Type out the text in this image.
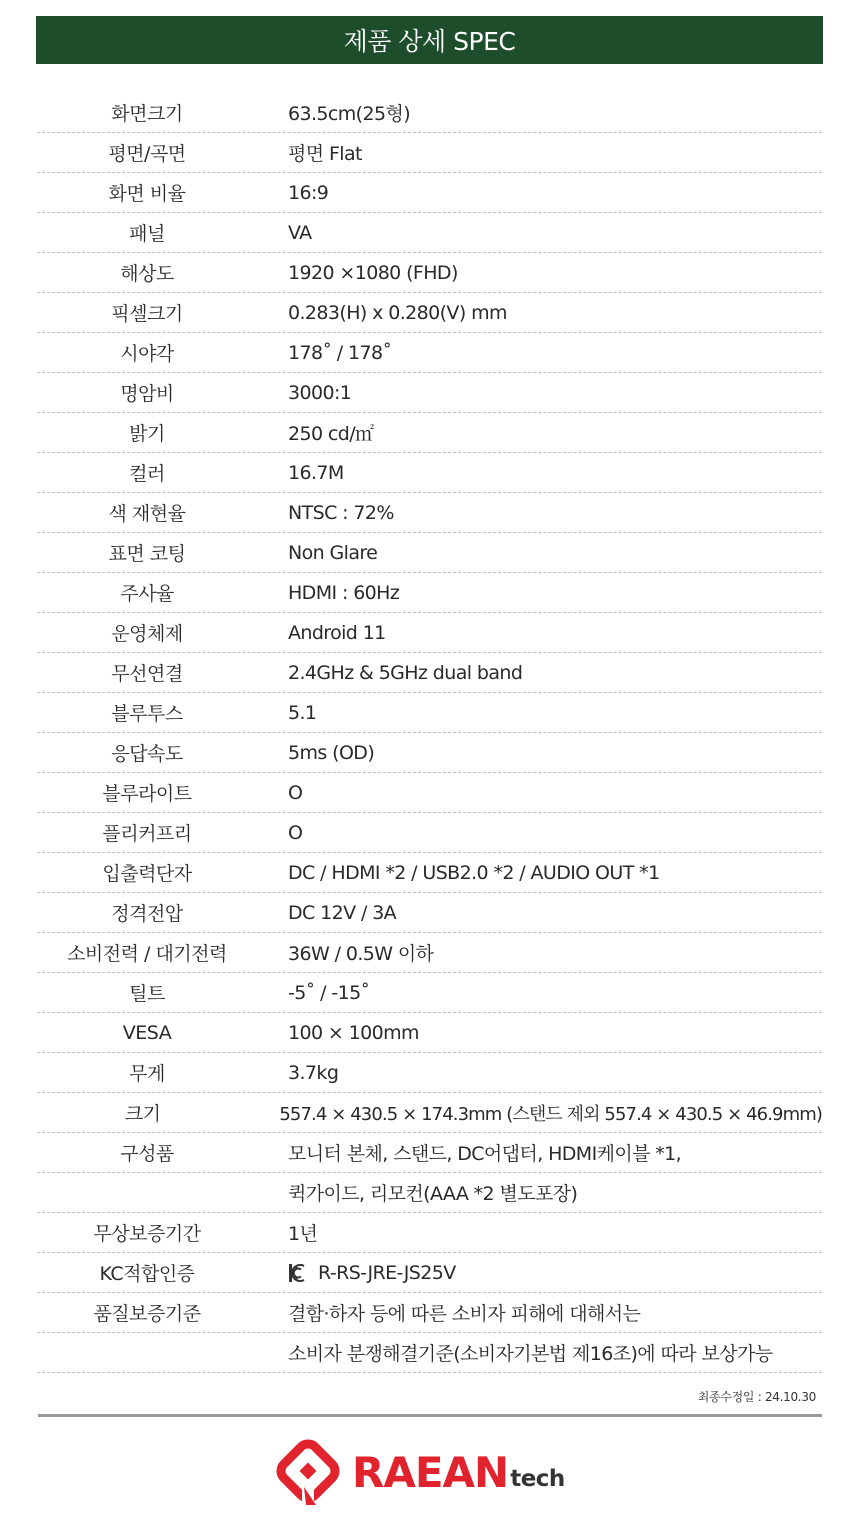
제품 상세 SPEC
화면크기	63.5cm(25형)
평면/곡면	평면 Flat
화면 비율	16:9
패널	VA
해상도	1920 ×1080 (FHD)
픽셀크기	0.283(H) x 0.280(V) mm
시야각	178˚ / 178˚
명암비	3000:1
밝기	250 cd/㎡
컬러	16.7M
색 재현율	NTSC : 72%
표면 코팅	Non Glare
주사율	HDMI : 60Hz
운영체제	Android 11
무선연결	2.4GHz & 5GHz dual band
블루투스	5.1
응답속도	5ms (OD)
블루라이트	O
플리커프리	O
입출력단자	DC / HDMI *2 / USB2.0 *2 / AUDIO OUT *1
정격전압	DC 12V / 3A
소비전력 / 대기전력	36W / 0.5W 이하
틸트	-5˚ / -15˚
VESA	100 × 100mm
무게	3.7kg
크기	557.4 × 430.5 × 174.3mm (스탠드 제외 557.4 × 430.5 × 46.9mm)
구성품	모니터 본체, 스탠드, DC어댑터, HDMI케이블 *1,
퀵가이드, 리모컨(AAA *2 별도포장)
무상보증기간	1년
KC적합인증	R-RS-JRE-JS25V
품질보증기준	결함·하자 등에 따른 소비자 피해에 대해서는
소비자 분쟁해결기준(소비자기본법 제16조)에 따라 보상가능
최종수정일 : 24.10.30
RAEAN tech
